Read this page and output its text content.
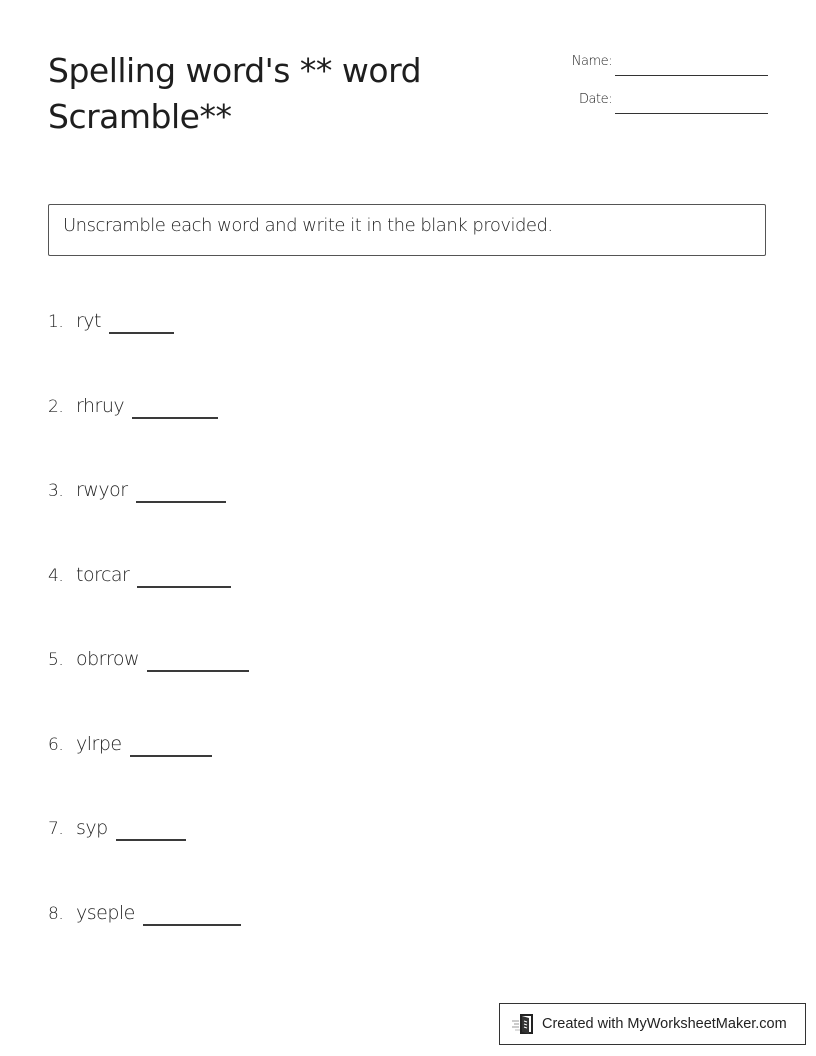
Spelling word's ** word Scramble**
Name:
Date:
Unscramble each word and write it in the blank provided.
1. ryt
2. rhruy
3. rwyor
4. torcar
5. obrrow
6. ylrpe
7. syp
8. yseple
Created with MyWorksheetMaker.com
